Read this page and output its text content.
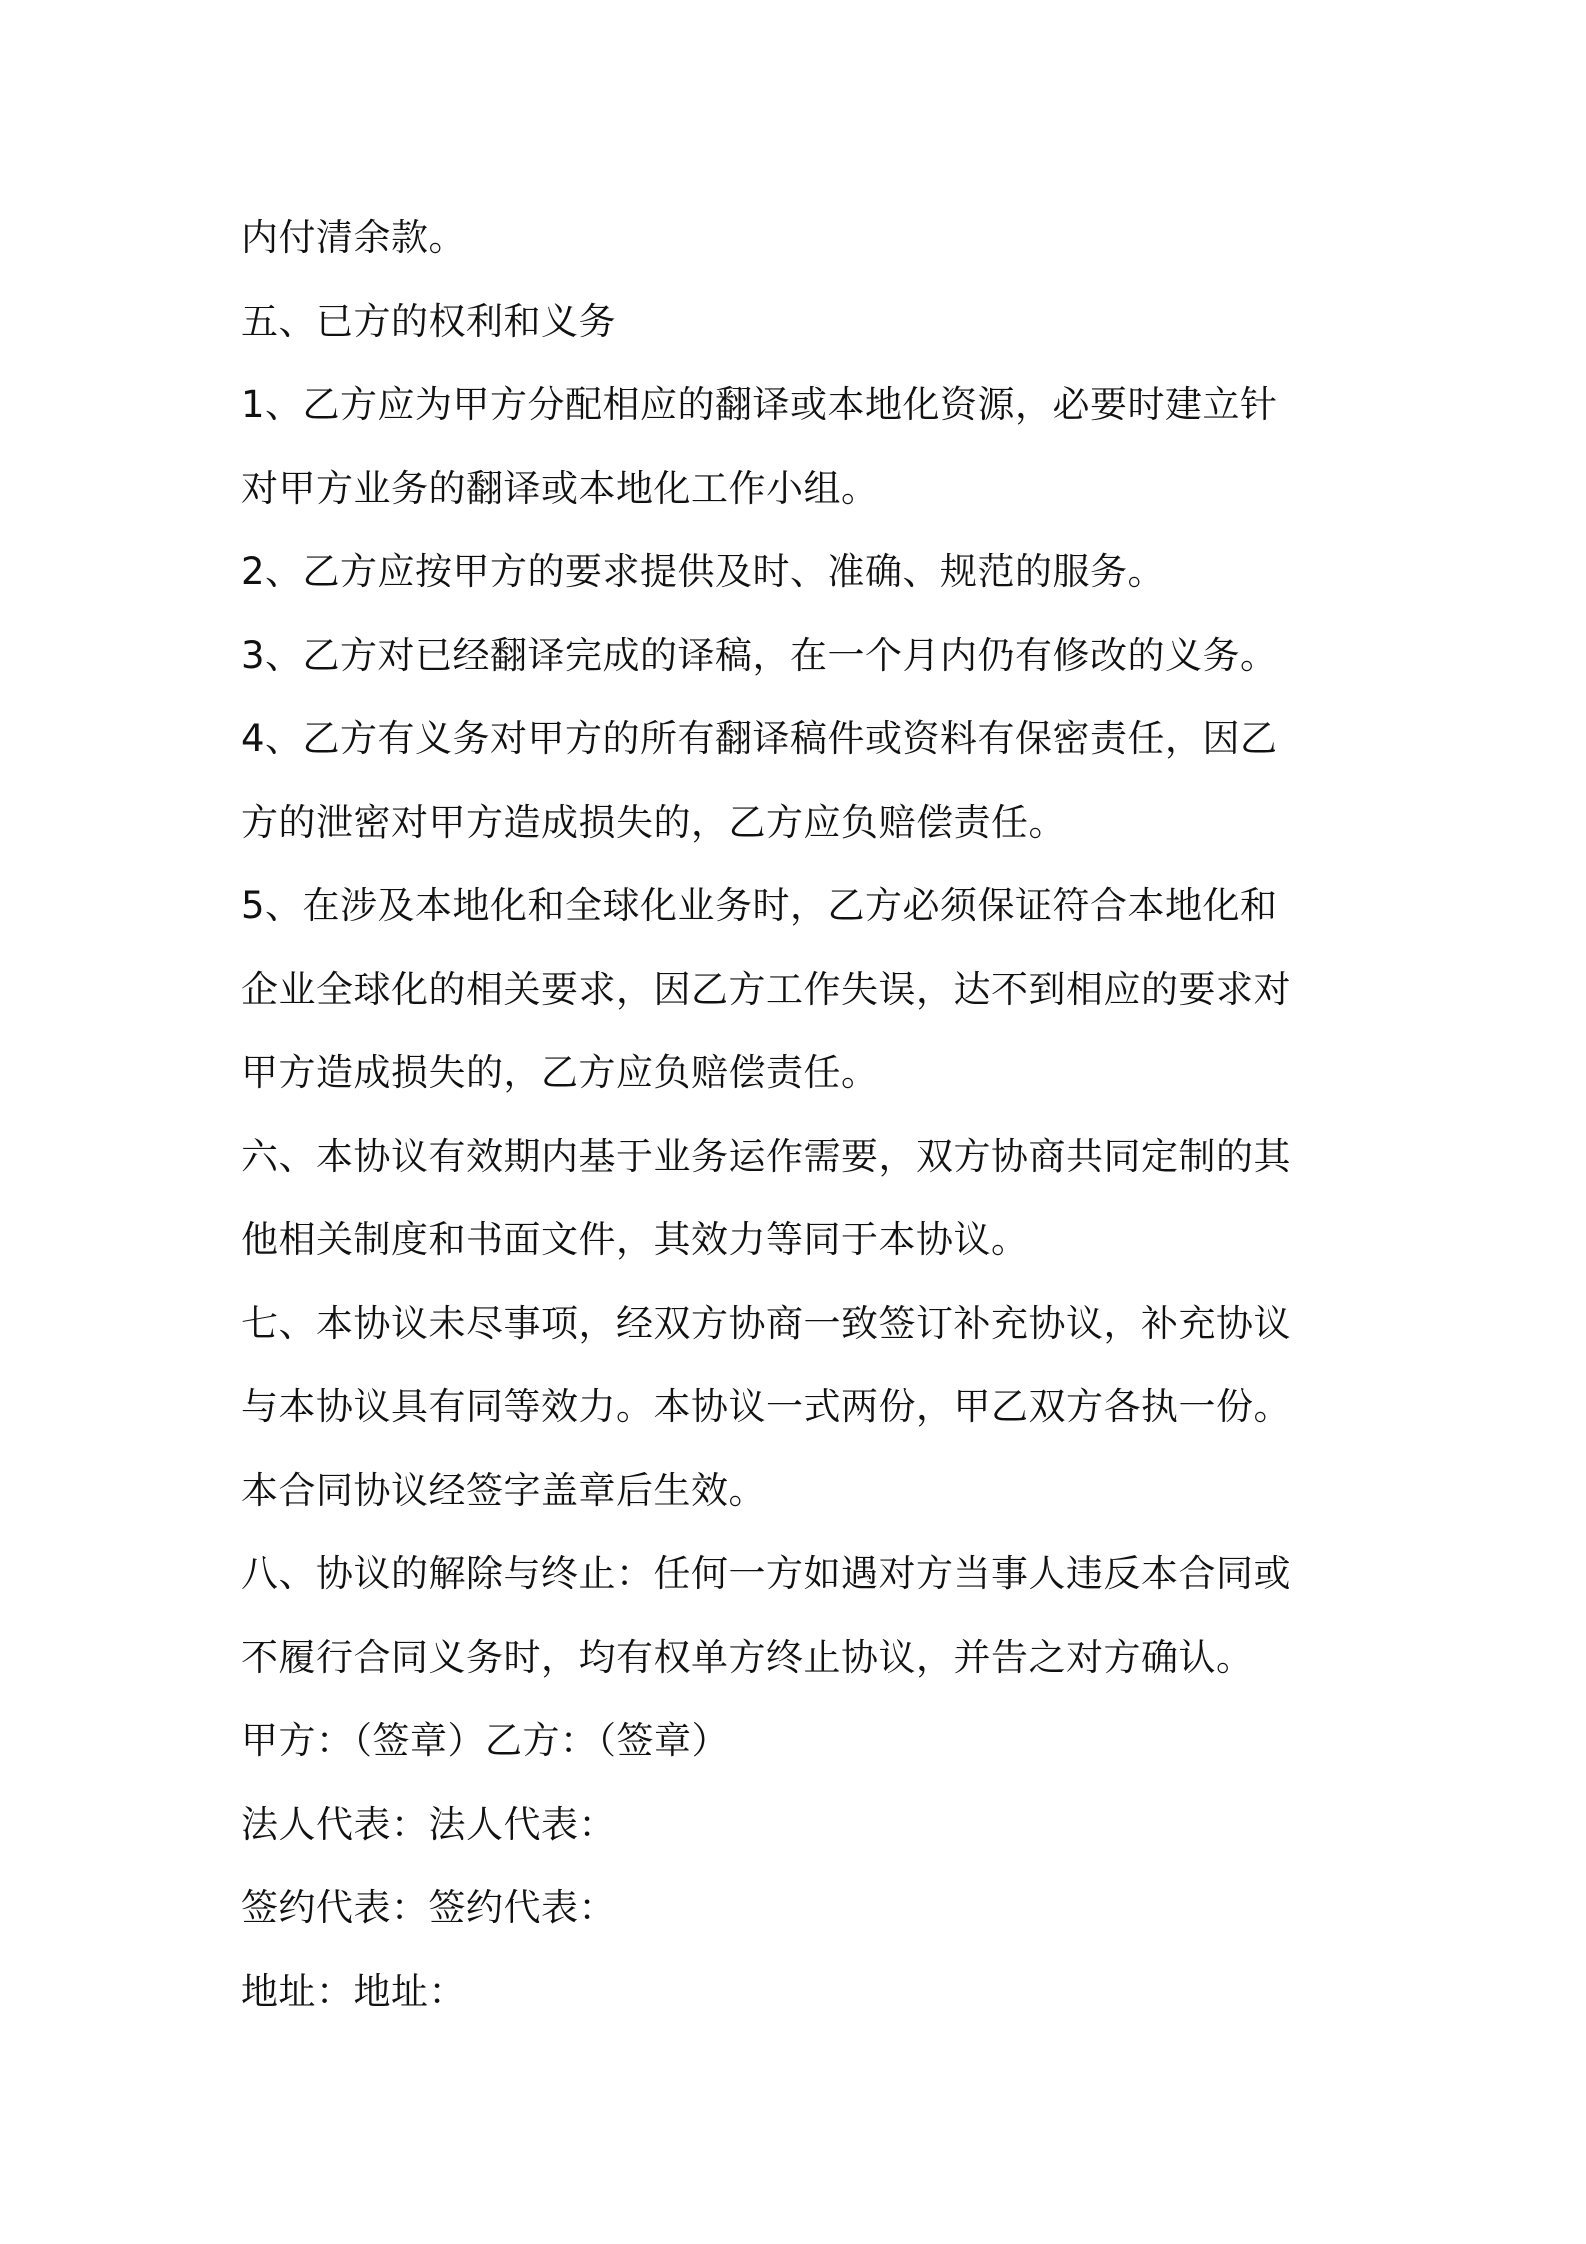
内付清余款。
五、已方的权利和义务
1、乙方应为甲方分配相应的翻译或本地化资源，必要时建立针
对甲方业务的翻译或本地化工作小组。
2、乙方应按甲方的要求提供及时、准确、规范的服务。
3、乙方对已经翻译完成的译稿，在一个月内仍有修改的义务。
4、乙方有义务对甲方的所有翻译稿件或资料有保密责任，因乙
方的泄密对甲方造成损失的，乙方应负赔偿责任。
5、在涉及本地化和全球化业务时，乙方必须保证符合本地化和
企业全球化的相关要求，因乙方工作失误，达不到相应的要求对
甲方造成损失的，乙方应负赔偿责任。
六、本协议有效期内基于业务运作需要，双方协商共同定制的其
他相关制度和书面文件，其效力等同于本协议。
七、本协议未尽事项，经双方协商一致签订补充协议，补充协议
与本协议具有同等效力。本协议一式两份，甲乙双方各执一份。
本合同协议经签字盖章后生效。
八、协议的解除与终止：任何一方如遇对方当事人违反本合同或
不履行合同义务时，均有权单方终止协议，并告之对方确认。
甲方：（签章）乙方：（签章）
法人代表：法人代表：
签约代表：签约代表：
地址：地址：
